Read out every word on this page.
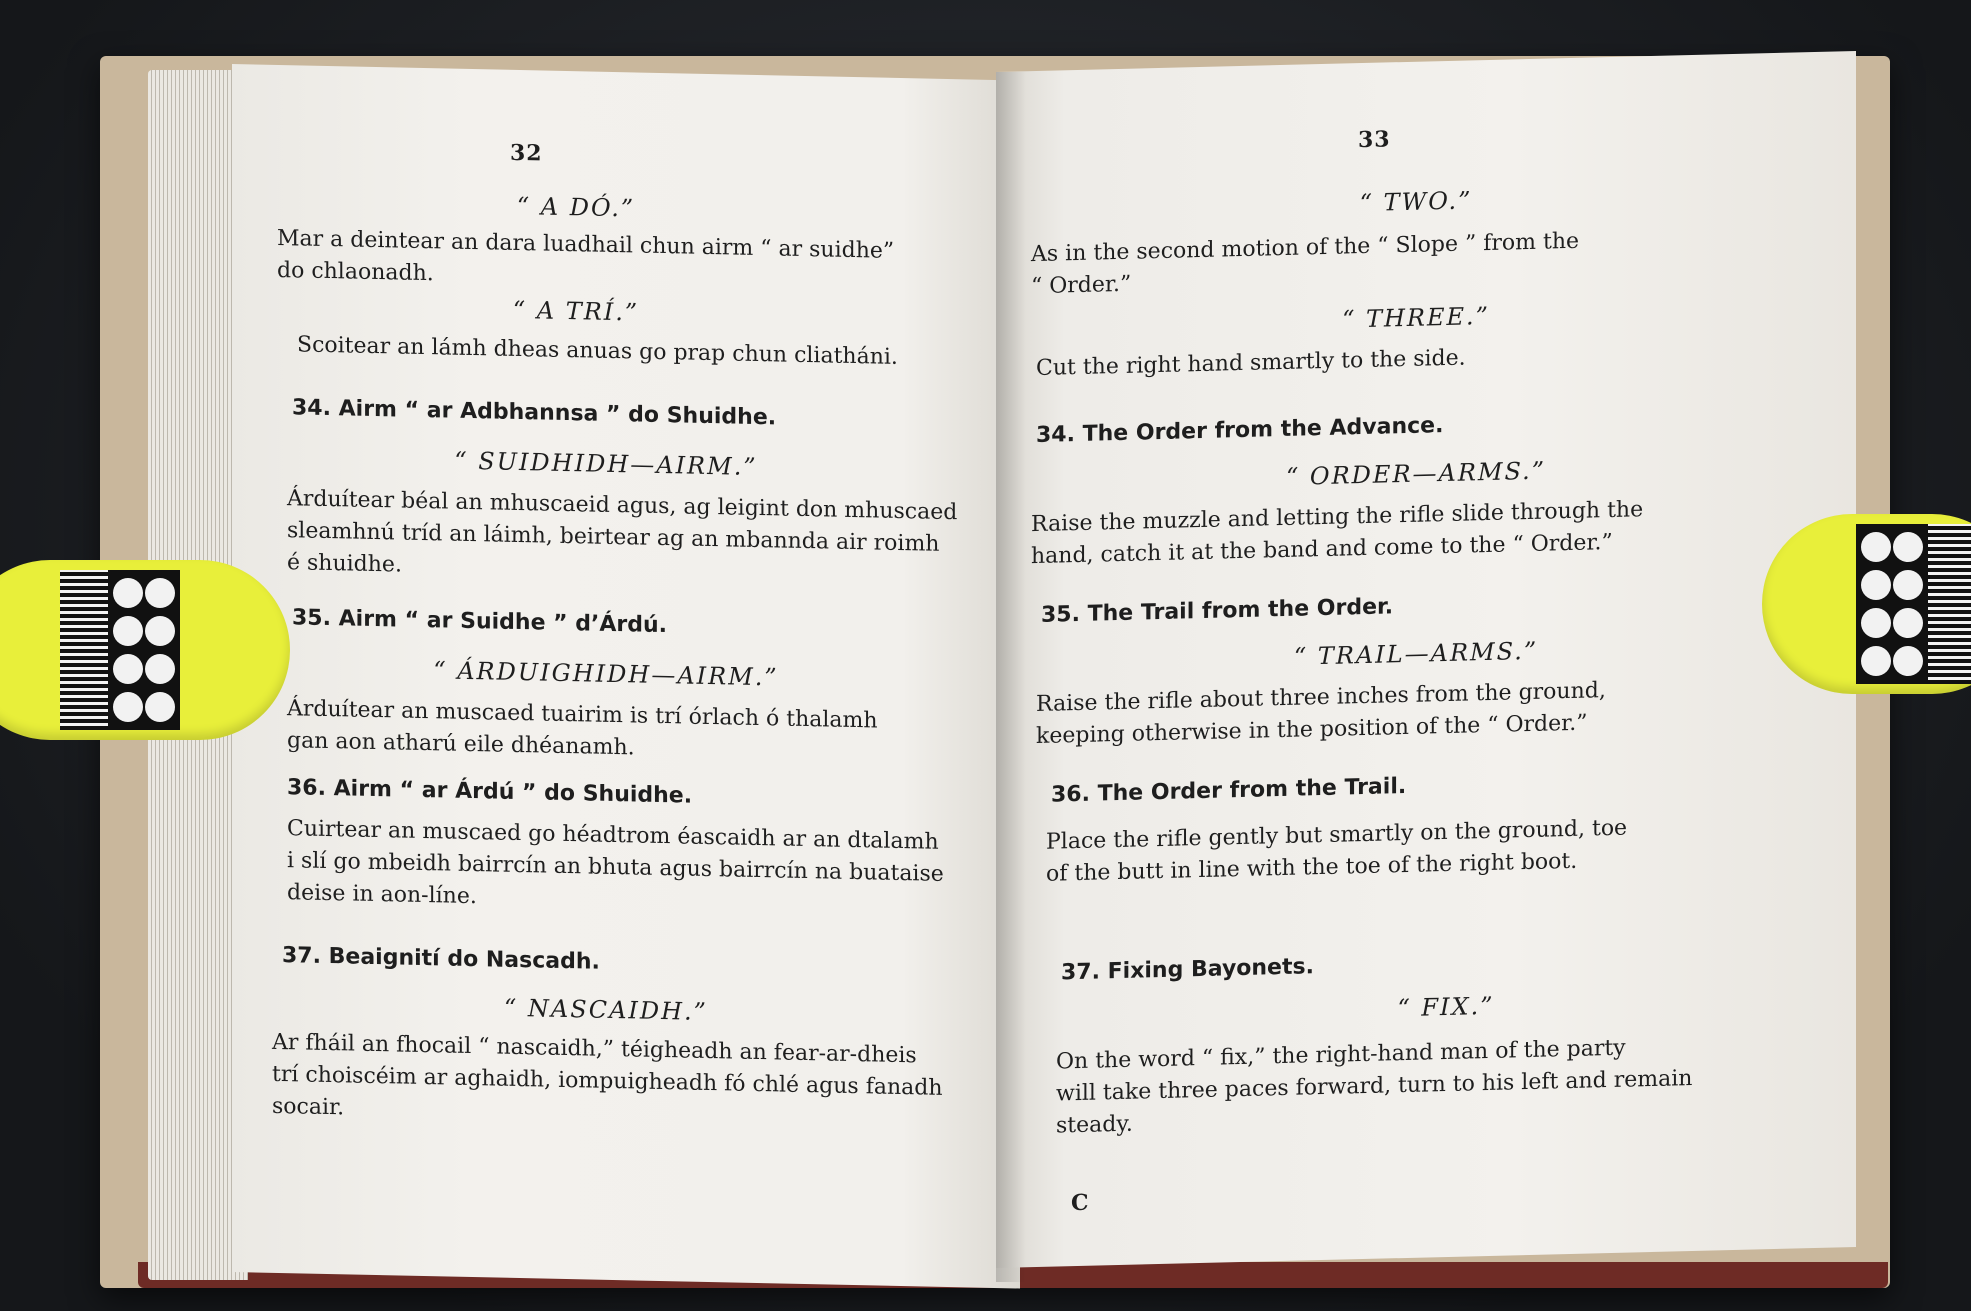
32
“ A DÓ.”
Mar a deintear an dara luadhail chun airm “ ar suidhe”
do chlaonadh.
“ A TRÍ.”
Scoitear an lámh dheas anuas go prap chun cliatháni.
34. Airm “ ar Adbhannsa ” do Shuidhe.
“ SUIDHIDH—AIRM.”
Árduítear béal an mhuscaeid agus, ag leigint don mhuscaed
sleamhnú tríd an láimh, beirtear ag an mbannda air roimh
é shuidhe.
35. Airm “ ar Suidhe ” d’Árdú.
“ ÁRDUIGHIDH—AIRM.”
Árduítear an muscaed tuairim is trí órlach ó thalamh
gan aon atharú eile dhéanamh.
36. Airm “ ar Árdú ” do Shuidhe.
Cuirtear an muscaed go héadtrom éascaidh ar an dtalamh
i slí go mbeidh bairrcín an bhuta agus bairrcín na buataise
deise in aon-líne.
37. Beaignití do Nascadh.
“ NASCAIDH.”
Ar fháil an fhocail “ nascaidh,” téigheadh an fear-ar-dheis
trí choiscéim ar aghaidh, iompuigheadh fó chlé agus fanadh
socair.
33
“ TWO.”
As in the second motion of the “ Slope ” from the
“ Order.”
“ THREE.”
Cut the right hand smartly to the side.
34. The Order from the Advance.
“ ORDER—ARMS.”
Raise the muzzle and letting the rifle slide through the
hand, catch it at the band and come to the “ Order.”
35. The Trail from the Order.
“ TRAIL—ARMS.”
Raise the rifle about three inches from the ground,
keeping otherwise in the position of the “ Order.”
36. The Order from the Trail.
Place the rifle gently but smartly on the ground, toe
of the butt in line with the toe of the right boot.
37. Fixing Bayonets.
“ FIX.”
On the word “ fix,” the right-hand man of the party
will take three paces forward, turn to his left and remain
steady.
C
